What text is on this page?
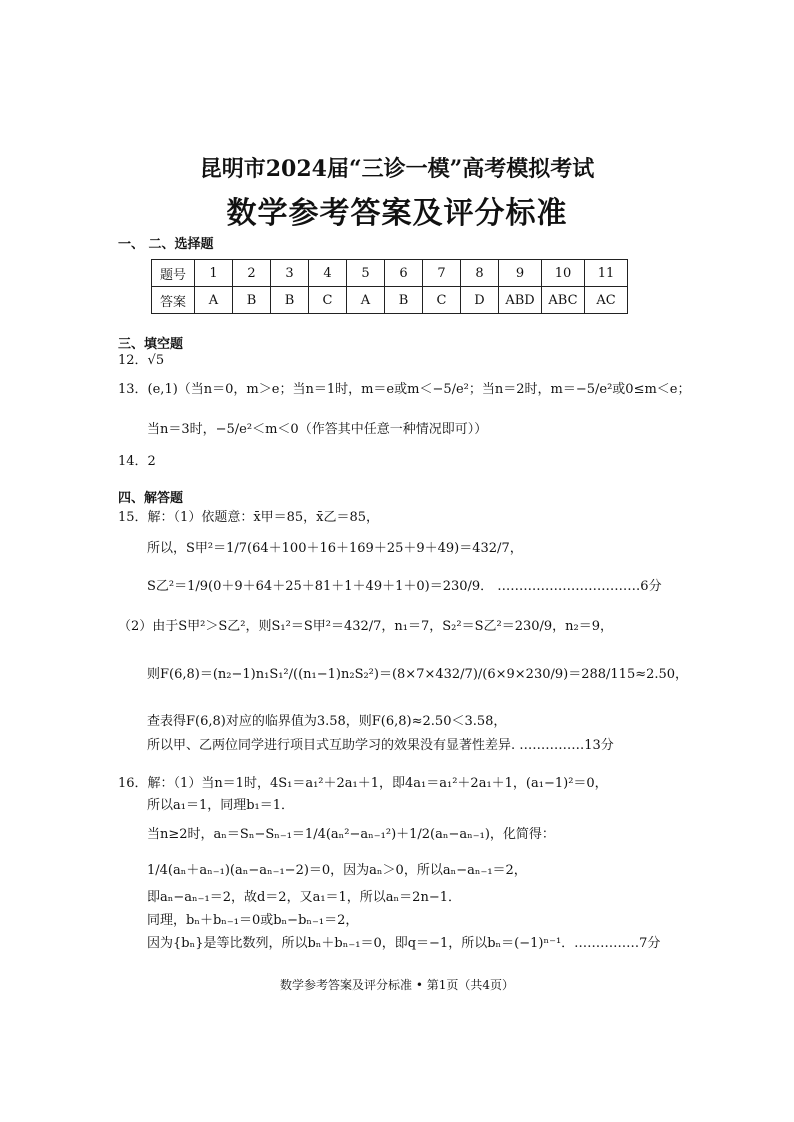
昆明市2024届“三诊一模”高考模拟考试
数学参考答案及评分标准
一、 二、选择题
题号	1	2	3	4	5	6	7	8	9	10	11
答案	A	B	B	C	A	B	C	D	ABD	ABC	AC
三、填空题
12．√5
13．(e,1)（当n＝0，m＞e；当n＝1时，m＝e或m＜−5/e²；当n＝2时，m＝−5/e²或0≤m＜e；
当n＝3时，−5/e²＜m＜0（作答其中任意一种情况即可））
14．2
四、解答题
15．解：（1）依题意：x̄甲＝85，x̄乙＝85，
所以，S甲²＝1/7(64＋100＋16＋169＋25＋9＋49)＝432/7，
S乙²＝1/9(0＋9＋64＋25＋81＋1＋49＋1＋0)＝230/9． ……………………………6分
（2）由于S甲²＞S乙²，则S₁²＝S甲²＝432/7，n₁＝7，S₂²＝S乙²＝230/9，n₂＝9，
则F(6,8)＝(n₂−1)n₁S₁²/((n₁−1)n₂S₂²)＝(8×7×432/7)/(6×9×230/9)＝288/115≈2.50，
查表得F(6,8)对应的临界值为3.58，则F(6,8)≈2.50＜3.58，
所以甲、乙两位同学进行项目式互助学习的效果没有显著性差异. ……………13分
16．解：（1）当n＝1时，4S₁＝a₁²＋2a₁＋1，即4a₁＝a₁²＋2a₁＋1，(a₁−1)²＝0，
所以a₁＝1，同理b₁＝1．
当n≥2时，aₙ＝Sₙ−Sₙ₋₁＝1/4(aₙ²−aₙ₋₁²)＋1/2(aₙ−aₙ₋₁)，化简得：
1/4(aₙ＋aₙ₋₁)(aₙ−aₙ₋₁−2)＝0，因为aₙ＞0，所以aₙ−aₙ₋₁＝2，
即aₙ−aₙ₋₁＝2，故d＝2，又a₁＝1，所以aₙ＝2n−1．
同理，bₙ＋bₙ₋₁＝0或bₙ−bₙ₋₁＝2，
因为{bₙ}是等比数列，所以bₙ＋bₙ₋₁＝0，即q＝−1，所以bₙ＝(−1)ⁿ⁻¹．……………7分
数学参考答案及评分标准 • 第1页（共4页）
